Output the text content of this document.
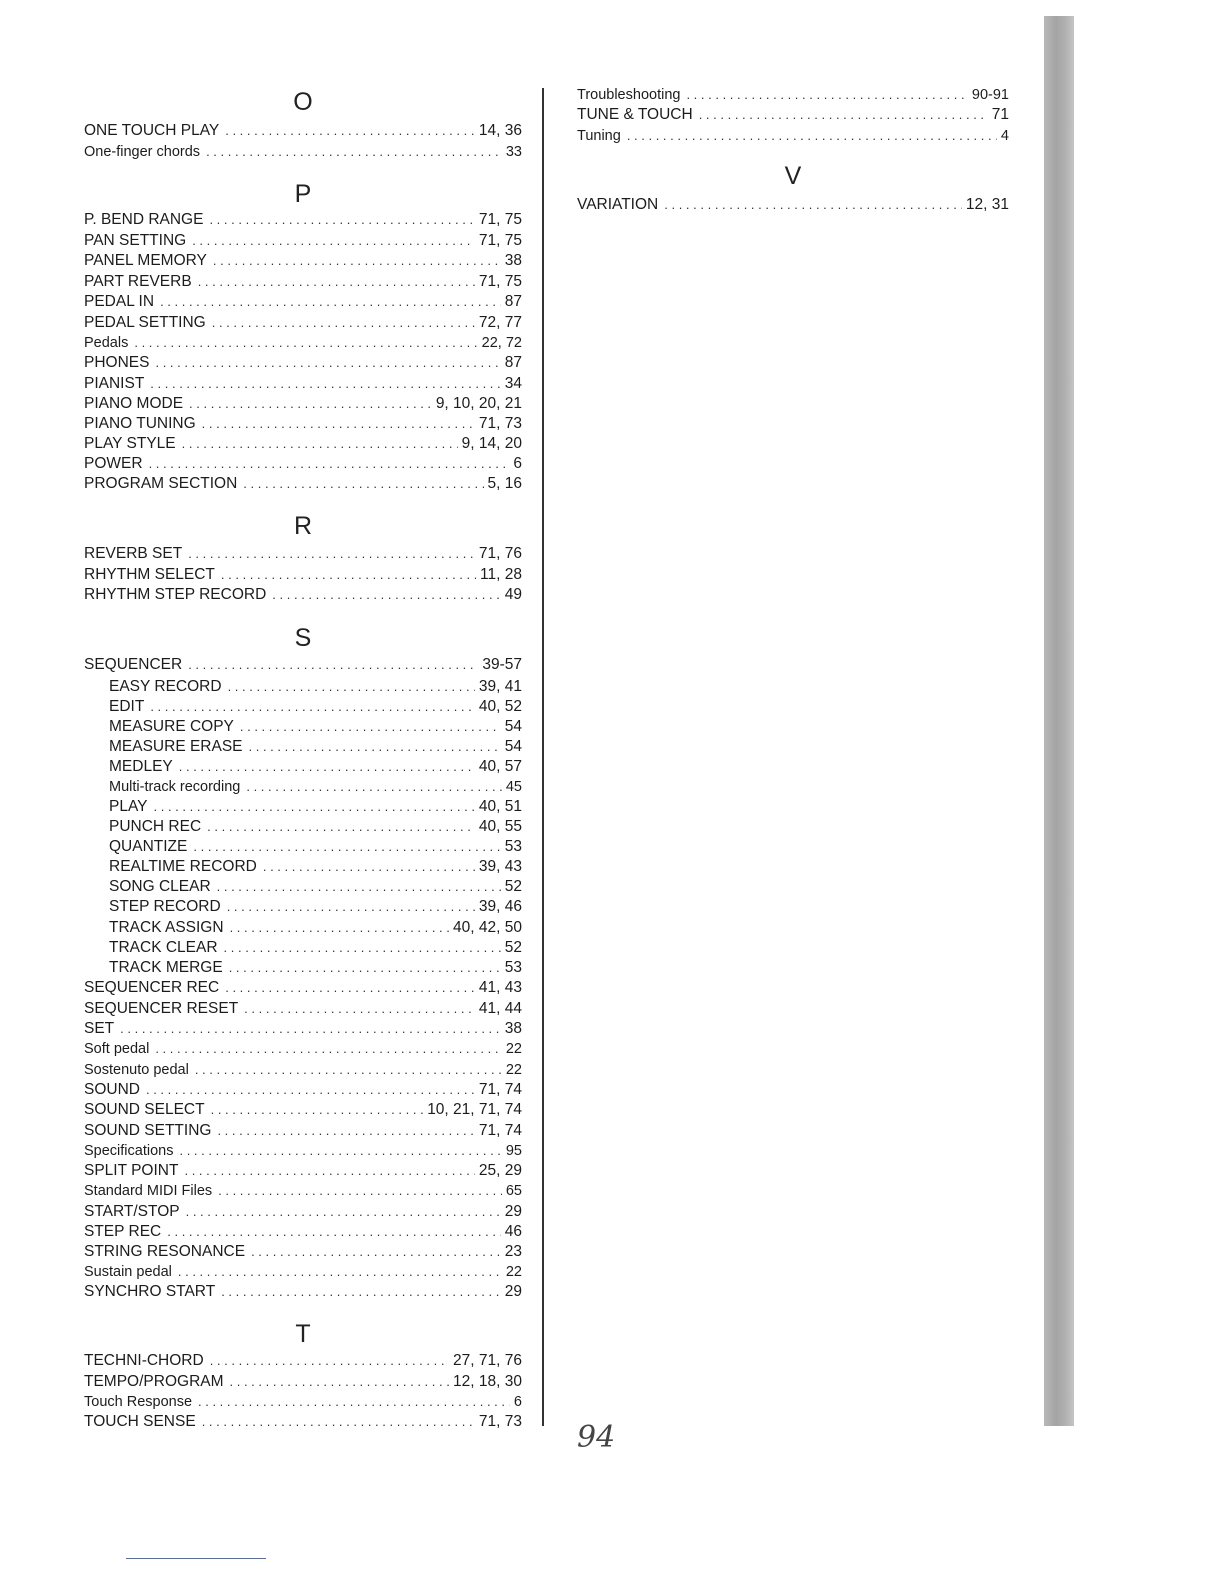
O
ONE TOUCH PLAY . . .	14, 36
One-finger chords . . .	33
P
P. BEND RANGE . . .	71, 75
PAN SETTING . . .	71, 75
PANEL MEMORY . . .	38
PART REVERB . . .	71, 75
PEDAL IN . . .	87
PEDAL SETTING . . .	72, 77
Pedals . . .	22, 72
PHONES . . .	87
PIANIST . . .	34
PIANO MODE . . .	9, 10, 20, 21
PIANO TUNING . . .	71, 73
PLAY STYLE . . .	9, 14, 20
POWER . . .	6
PROGRAM SECTION . . .	5, 16
R
REVERB SET . . .	71, 76
RHYTHM SELECT . . .	11, 28
RHYTHM STEP RECORD . . .	49
S
SEQUENCER . . .	39-57
EASY RECORD . . .	39, 41
EDIT . . .	40, 52
MEASURE COPY . . .	54
MEASURE ERASE . . .	54
MEDLEY . . .	40, 57
Multi-track recording . . .	45
PLAY . . .	40, 51
PUNCH REC . . .	40, 55
QUANTIZE . . .	53
REALTIME RECORD . . .	39, 43
SONG CLEAR . . .	52
STEP RECORD . . .	39, 46
TRACK ASSIGN . . .	40, 42, 50
TRACK CLEAR . . .	52
TRACK MERGE . . .	53
SEQUENCER REC . . .	41, 43
SEQUENCER RESET . . .	41, 44
SET . . .	38
Soft pedal . . .	22
Sostenuto pedal . . .	22
SOUND . . .	71, 74
SOUND SELECT . . .	10, 21, 71, 74
SOUND SETTING . . .	71, 74
Specifications . . .	95
SPLIT POINT . . .	25, 29
Standard MIDI Files . . .	65
START/STOP . . .	29
STEP REC . . .	46
STRING RESONANCE . . .	23
Sustain pedal . . .	22
SYNCHRO START . . .	29
T
TECHNI-CHORD . . .	27, 71, 76
TEMPO/PROGRAM . . .	12, 18, 30
Touch Response . . .	6
TOUCH SENSE . . .	71, 73
Troubleshooting . . .	90-91
TUNE & TOUCH . . .	71
Tuning . . .	4
V
VARIATION . . .	12, 31
94
